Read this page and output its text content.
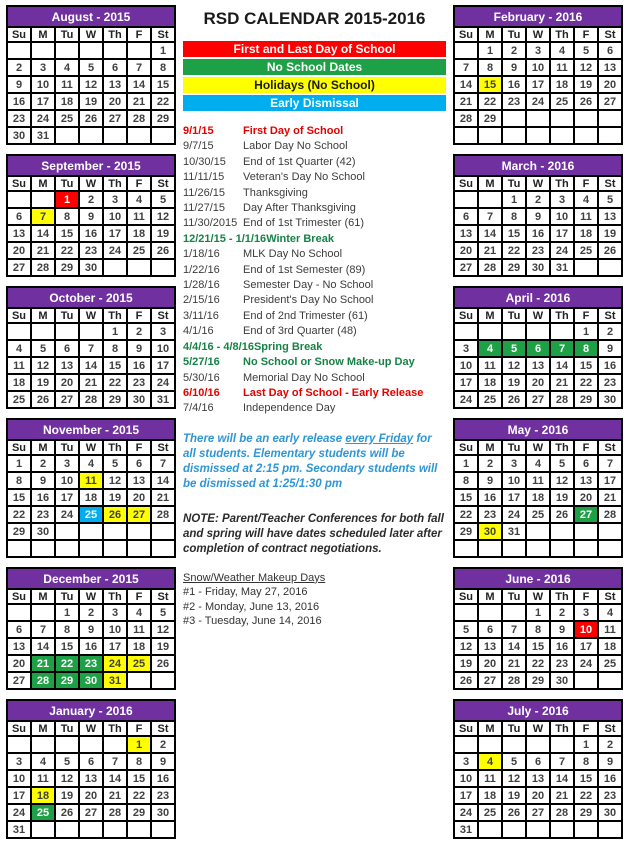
August - 2015						
Su	M	Tu	W	Th	F	St
						1
2	3	4	5	6	7	8
9	10	11	12	13	14	15
16	17	18	19	20	21	22
23	24	25	26	27	28	29
30	31					
September - 2015						
Su	M	Tu	W	Th	F	St
		1	2	3	4	5
6	7	8	9	10	11	12
13	14	15	16	17	18	19
20	21	22	23	24	25	26
27	28	29	30			
October - 2015						
Su	M	Tu	W	Th	F	St
				1	2	3
4	5	6	7	8	9	10
11	12	13	14	15	16	17
18	19	20	21	22	23	24
25	26	27	28	29	30	31
November - 2015						
Su	M	Tu	W	Th	F	St
1	2	3	4	5	6	7
8	9	10	11	12	13	14
15	16	17	18	19	20	21
22	23	24	25	26	27	28
29	30					

December - 2015						
Su	M	Tu	W	Th	F	St
		1	2	3	4	5
6	7	8	9	10	11	12
13	14	15	16	17	18	19
20	21	22	23	24	25	26
27	28	29	30	31		
January - 2016						
Su	M	Tu	W	Th	F	St
					1	2
3	4	5	6	7	8	9
10	11	12	13	14	15	16
17	18	19	20	21	22	23
24	25	26	27	28	29	30
31						
RSD CALENDAR 2015-2016
First and Last Day of School
No School Dates
Holidays (No School)
Early Dismissal
9/1/15	First Day of School
9/7/15	Labor Day No School
10/30/15 End of 1st Quarter (42)
11/11/15 Veteran's Day No School
11/26/15 Thanksgiving
11/27/15 Day After Thanksgiving
11/30/2015 End of 1st Trimester (61)
12/21/15 - 1/1/16Winter Break
1/18/16 MLK Day No School
1/22/16 End of 1st Semester (89)
1/28/16 Semester Day - No School
2/15/16 President's Day No School
3/11/16 End of 2nd Trimester (61)
4/1/16	End of 3rd Quarter (48)
4/4/16 - 4/8/16Spring Break
5/27/16 No School or Snow Make-up Day
5/30/16 Memorial Day No School
6/10/16 Last Day of School - Early Release
7/4/16	Independence Day
There will be an early release every Friday for all students. Elementary students will be dismissed at 2:15 pm. Secondary students will be dismissed at 1:25/1:30 pm
NOTE: Parent/Teacher Conferences for both fall and spring will have dates scheduled later after completion of contract negotiations.
Snow/Weather Makeup Days
#1 - Friday, May 27, 2016
#2 - Monday, June 13, 2016
#3 - Tuesday, June 14, 2016
February - 2016						
Su	M	Tu	W	Th	F	St
	1	2	3	4	5	6
7	8	9	10	11	12	13
14	15	16	17	18	19	20
21	22	23	24	25	26	27
28	29					

March - 2016						
Su	M	Tu	W	Th	F	St
		1	2	3	4	5
6	7	8	9	10	11	13
13	14	15	16	17	18	19
20	21	22	23	24	25	26
27	28	29	30	31		
April - 2016						
Su	M	Tu	W	Th	F	St
					1	2
3	4	5	6	7	8	9
10	11	12	13	14	15	16
17	18	19	20	21	22	23
24	25	26	27	28	29	30
May - 2016						
Su	M	Tu	W	Th	F	St
1	2	3	4	5	6	7
8	9	10	11	12	13	17
15	16	17	18	19	20	21
22	23	24	25	26	27	28
29	30	31				

June - 2016						
Su	M	Tu	W	Th	F	St
			1	2	3	4
5	6	7	8	9	10	11
12	13	14	15	16	17	18
19	20	21	22	23	24	25
26	27	28	29	30		
July - 2016						
Su	M	Tu	W	Th	F	St
					1	2
3	4	5	6	7	8	9
10	11	12	13	14	15	16
17	18	19	20	21	22	23
24	25	26	27	28	29	30
31						
